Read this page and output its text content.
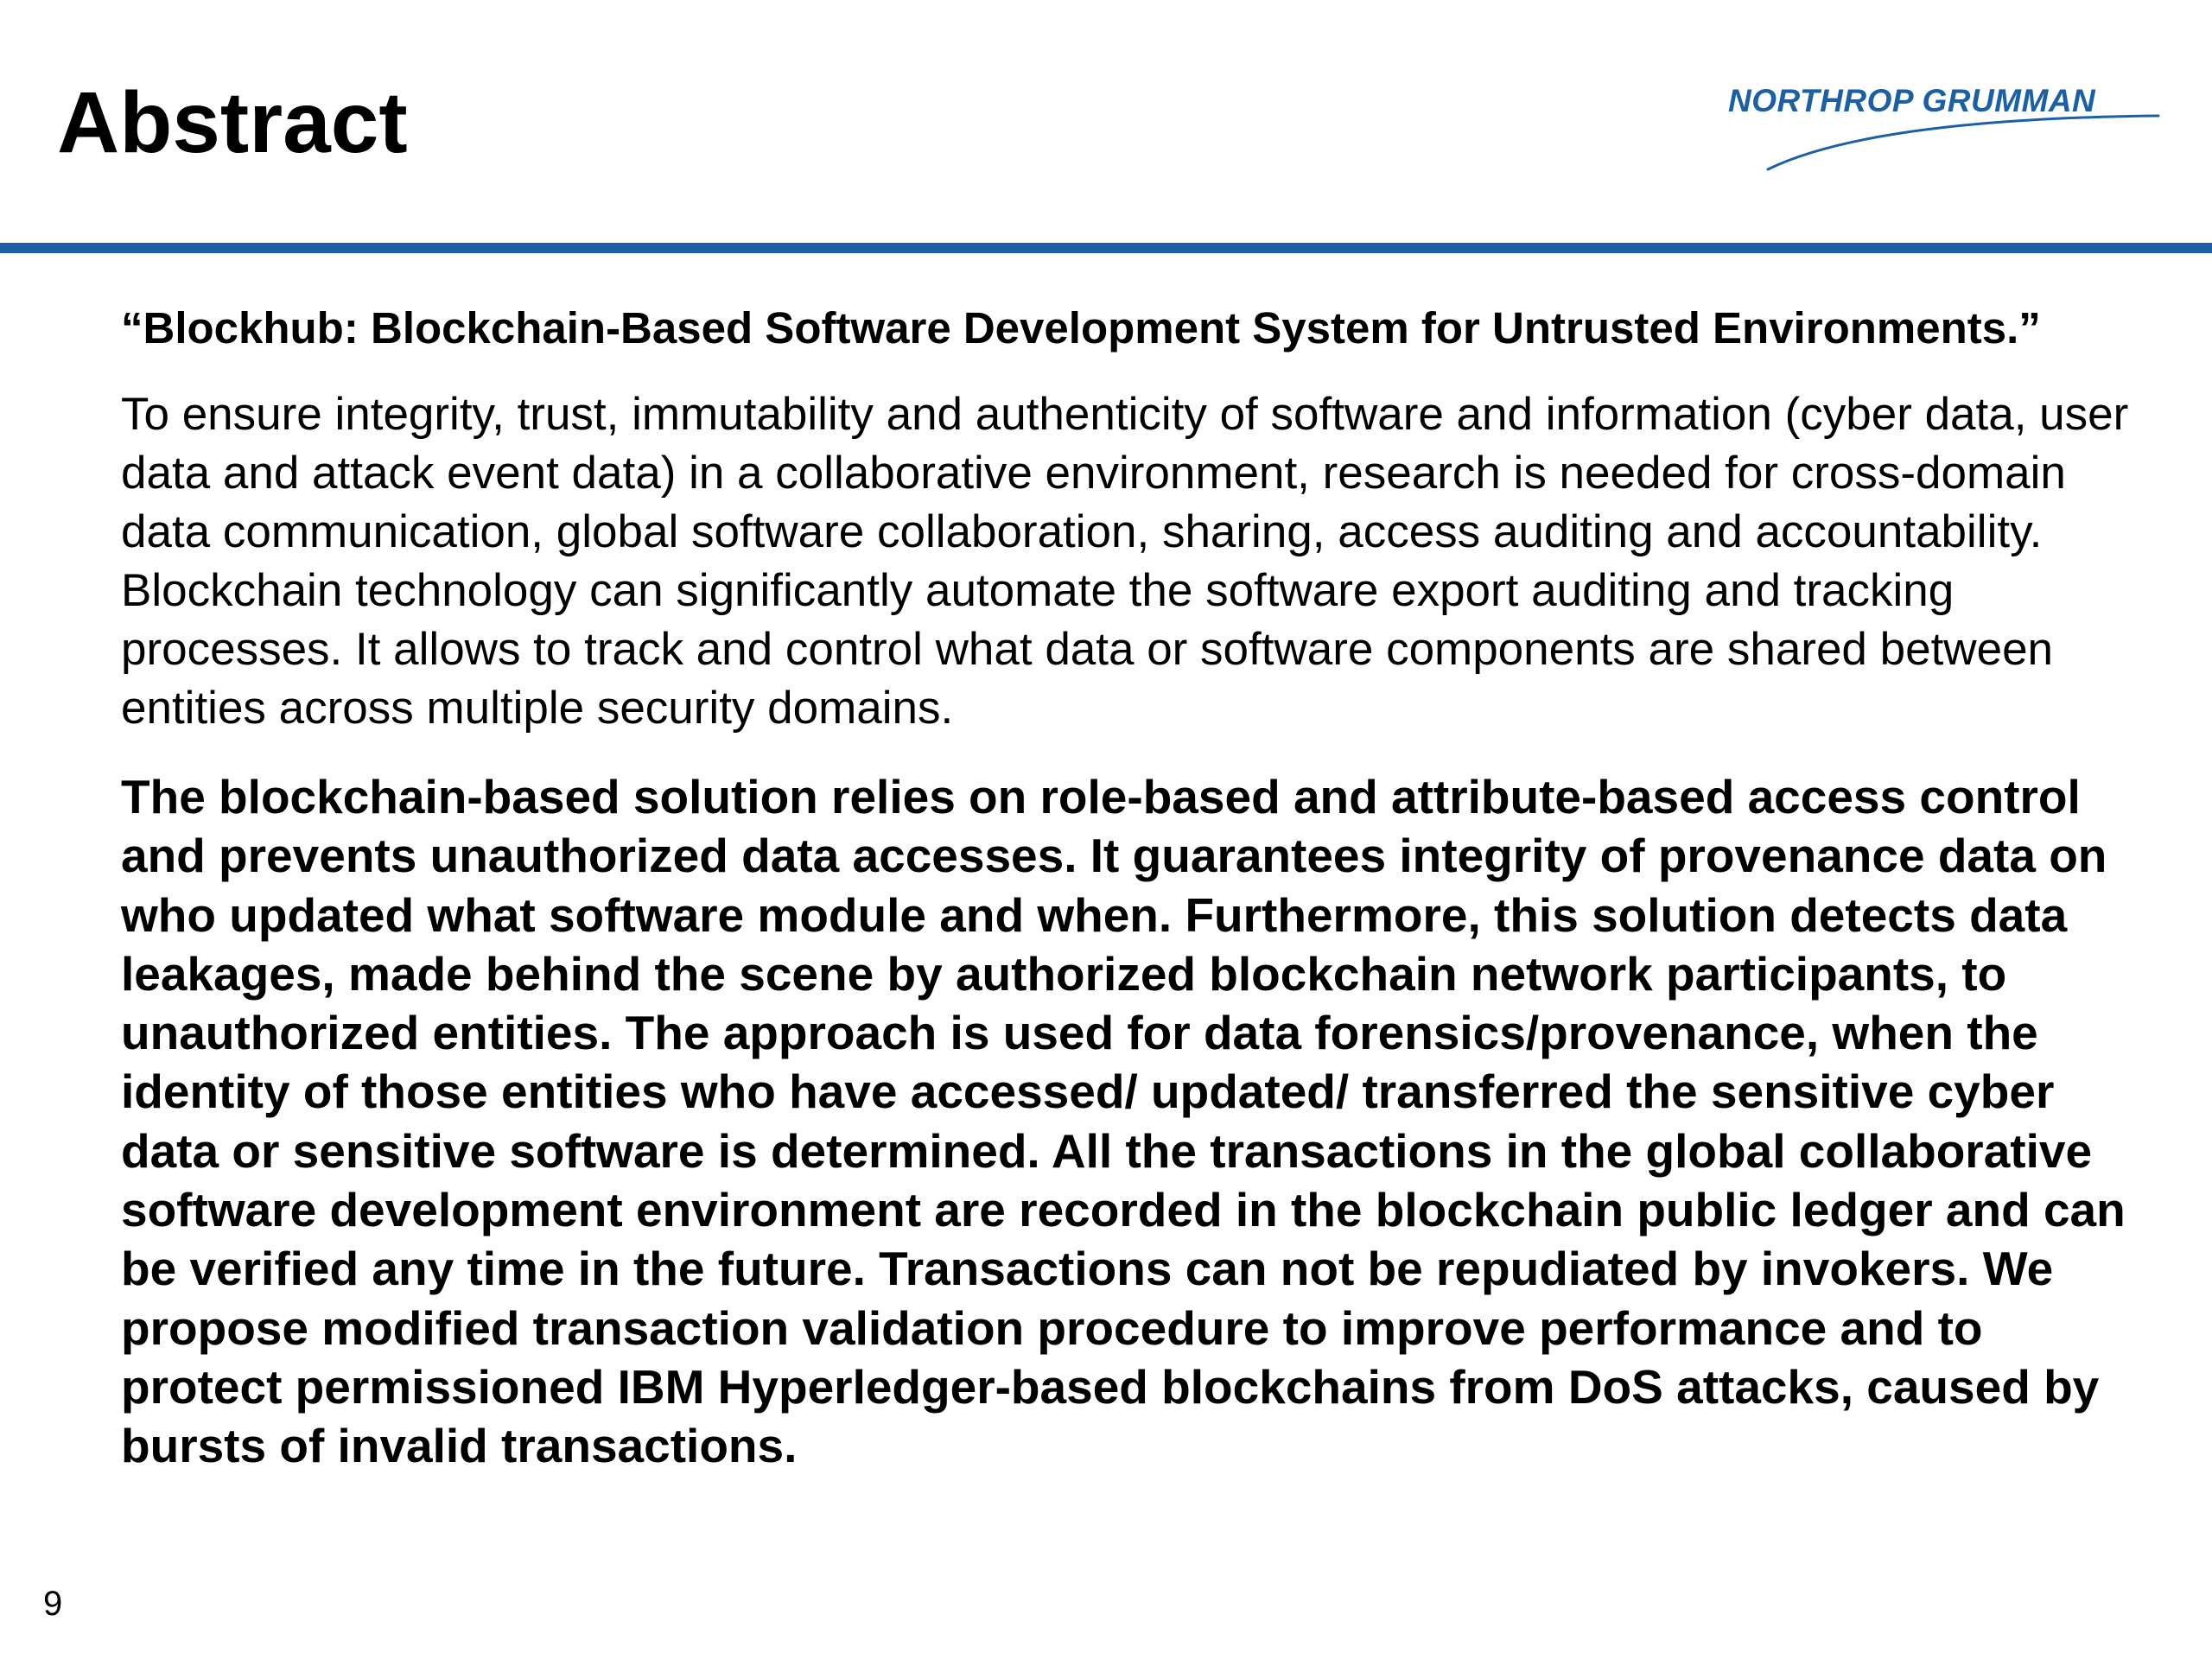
Abstract	NORTHROP GRUMMAN

“Blockhub: Blockchain-Based Software Development System for Untrusted Environments.”

To ensure integrity, trust, immutability and authenticity of software and information (cyber data, user data and attack event data) in a collaborative environment, research is needed for cross-domain data communication, global software collaboration, sharing, access auditing and accountability. Blockchain technology can significantly automate the software export auditing and tracking processes. It allows to track and control what data or software components are shared between entities across multiple security domains.

The blockchain-based solution relies on role-based and attribute-based access control and prevents unauthorized data accesses. It guarantees integrity of provenance data on who updated what software module and when. Furthermore, this solution detects data leakages, made behind the scene by authorized blockchain network participants, to unauthorized entities. The approach is used for data forensics/provenance, when the identity of those entities who have accessed/ updated/ transferred the sensitive cyber data or sensitive software is determined. All the transactions in the global collaborative software development environment are recorded in the blockchain public ledger and can be verified any time in the future. Transactions can not be repudiated by invokers. We propose modified transaction validation procedure to improve performance and to protect permissioned IBM Hyperledger-based blockchains from DoS attacks, caused by bursts of invalid transactions.

9
